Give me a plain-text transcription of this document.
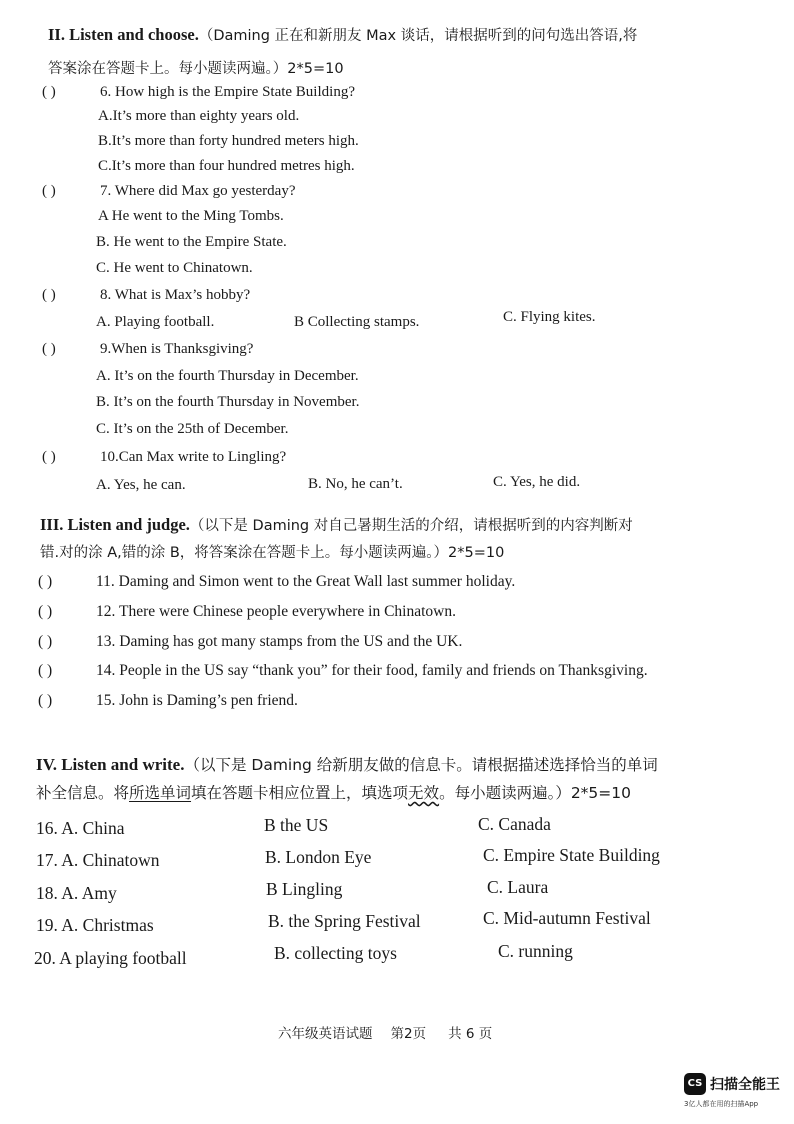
II. Listen and choose.（Daming 正在和新朋友 Max 谈话，请根据听到的问句选出答语,将
答案涂在答题卡上。每小题读两遍。）2*5=10
( )	6. How high is the Empire State Building?
A.It’s more than eighty years old.
B.It’s more than forty hundred meters high.
C.It’s more than four hundred metres high.
( )	7. Where did Max go yesterday?
A He went to the Ming Tombs.
B. He went to the Empire State.
C. He went to Chinatown.
( )	8. What is Max’s hobby?
A. Playing football.	B Collecting stamps.	C. Flying kites.
( )	9.When is Thanksgiving?
A. It’s on the fourth Thursday in December.
B. It’s on the fourth Thursday in November.
C. It’s on the 25th of December.
( )	10.Can Max write to Lingling?
A. Yes, he can.	B. No, he can’t.	C. Yes, he did.
III. Listen and judge.（以下是 Daming 对自己暑期生活的介绍，请根据听到的内容判断对
错.对的涂 A,错的涂 B，将答案涂在答题卡上。每小题读两遍。）2*5=10
( )	11. Daming and Simon went to the Great Wall last summer holiday.
( )	12. There were Chinese people everywhere in Chinatown.
( )	13. Daming has got many stamps from the US and the UK.
( )	14. People in the US say “thank you” for their food, family and friends on Thanksgiving.
( )	15. John is Daming’s pen friend.
IV. Listen and write.（以下是 Daming 给新朋友做的信息卡。请根据描述选择恰当的单词
补全信息。将所选单词填在答题卡相应位置上，填选项无效。每小题读两遍。）2*5=10
16. A. China	B the US	C. Canada
17. A. Chinatown	B. London Eye	C. Empire State Building
18. A. Amy	B Lingling	C. Laura
19. A. Christmas	B. the Spring Festival	C. Mid-autumn Festival
20. A playing football	B. collecting toys	C. running
六年级英语试题 第2页 共 6 页
CS 扫描全能王
3亿人都在用的扫描App
